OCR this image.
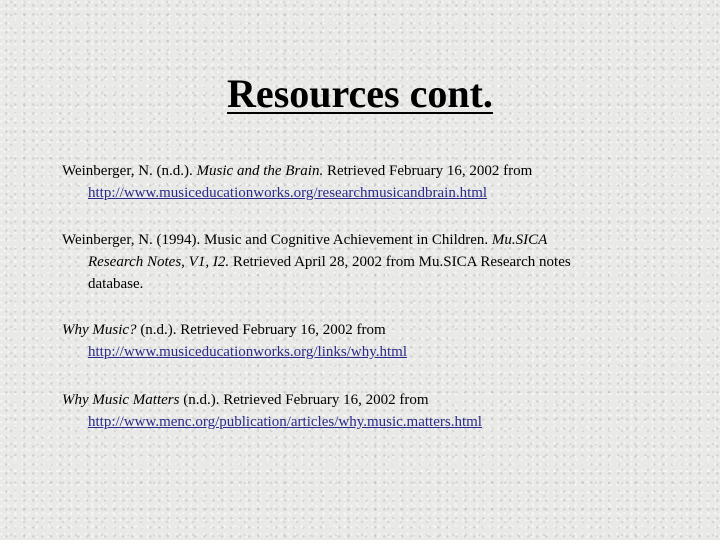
Resources cont.
Weinberger, N. (n.d.). Music and the Brain. Retrieved February 16, 2002 from
http://www.musiceducationworks.org/researchmusicandbrain.html
Weinberger, N. (1994). Music and Cognitive Achievement in Children. Mu.SICA
Research Notes, V1, I2. Retrieved April 28, 2002 from Mu.SICA Research notes
database.
Why Music? (n.d.). Retrieved February 16, 2002 from
http://www.musiceducationworks.org/links/why.html
Why Music Matters (n.d.). Retrieved February 16, 2002 from
http://www.menc.org/publication/articles/why.music.matters.html
